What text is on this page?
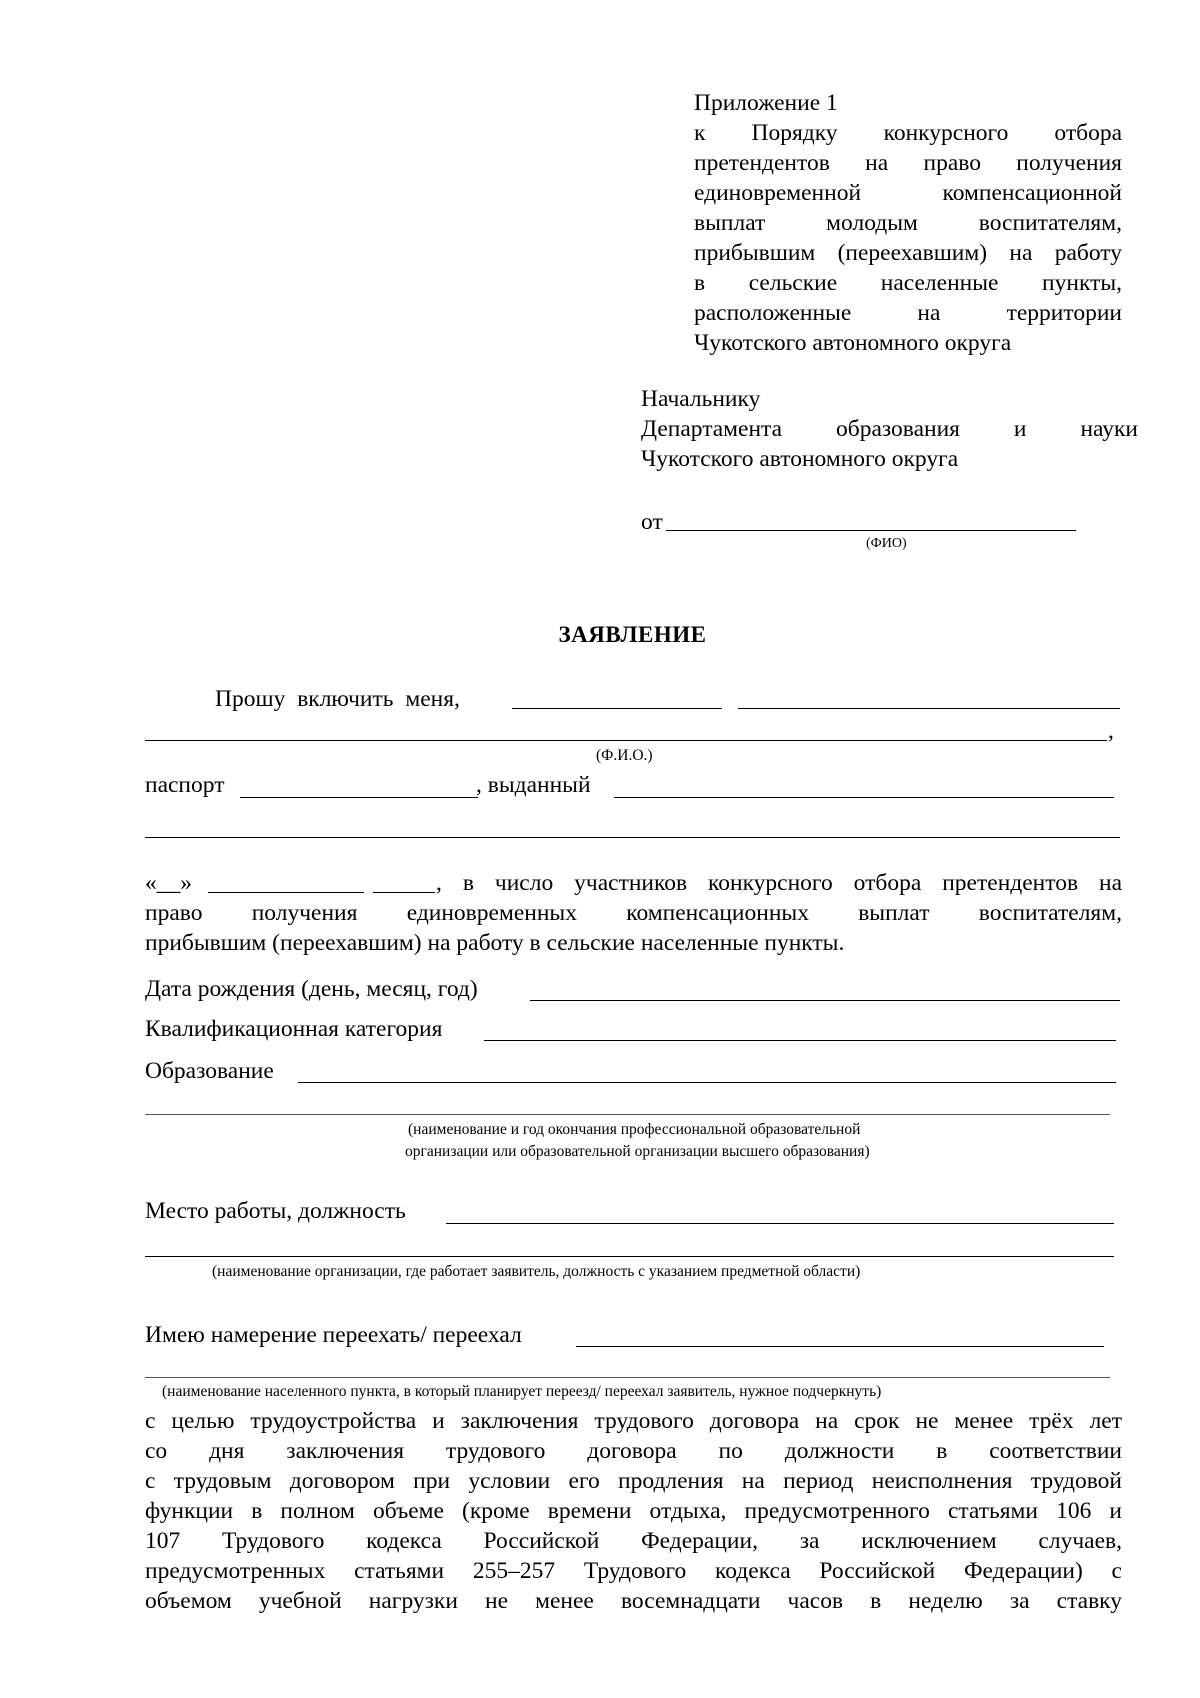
Приложение 1
к Порядку конкурсного отбора
претендентов на право получения
единовременной компенсационной
выплат молодым воспитателям,
прибывшим (переехавшим) на работу
в сельские населенные пункты,
расположенные на территории
Чукотского автономного округа
Начальнику
Департамента образования и науки
Чукотского автономного округа
от
(ФИО)
ЗАЯВЛЕНИЕ
Прошу включить меня,
,
(Ф.И.О.)
паспорт	, выданный
«__»	, в число участников конкурсного отбора претендентов на
право получения единовременных компенсационных выплат воспитателям,
прибывшим (переехавшим) на работу в сельские населенные пункты.
Дата рождения (день, месяц, год)
Квалификационная категория
Образование
(наименование и год окончания профессиональной образовательной
организации или образовательной организации высшего образования)
Место работы, должность
(наименование организации, где работает заявитель, должность с указанием предметной области)
Имею намерение переехать/ переехал
(наименование населенного пункта, в который планирует переезд/ переехал заявитель, нужное подчеркнуть)
с целью трудоустройства и заключения трудового договора на срок не менее трёх лет
со дня заключения трудового договора по должности в соответствии
с трудовым договором при условии его продления на период неисполнения трудовой
функции в полном объеме (кроме времени отдыха, предусмотренного статьями 106 и
107 Трудового кодекса Российской Федерации, за исключением случаев,
предусмотренных статьями 255–257 Трудового кодекса Российской Федерации) с
объемом учебной нагрузки не менее восемнадцати часов в неделю за ставку
